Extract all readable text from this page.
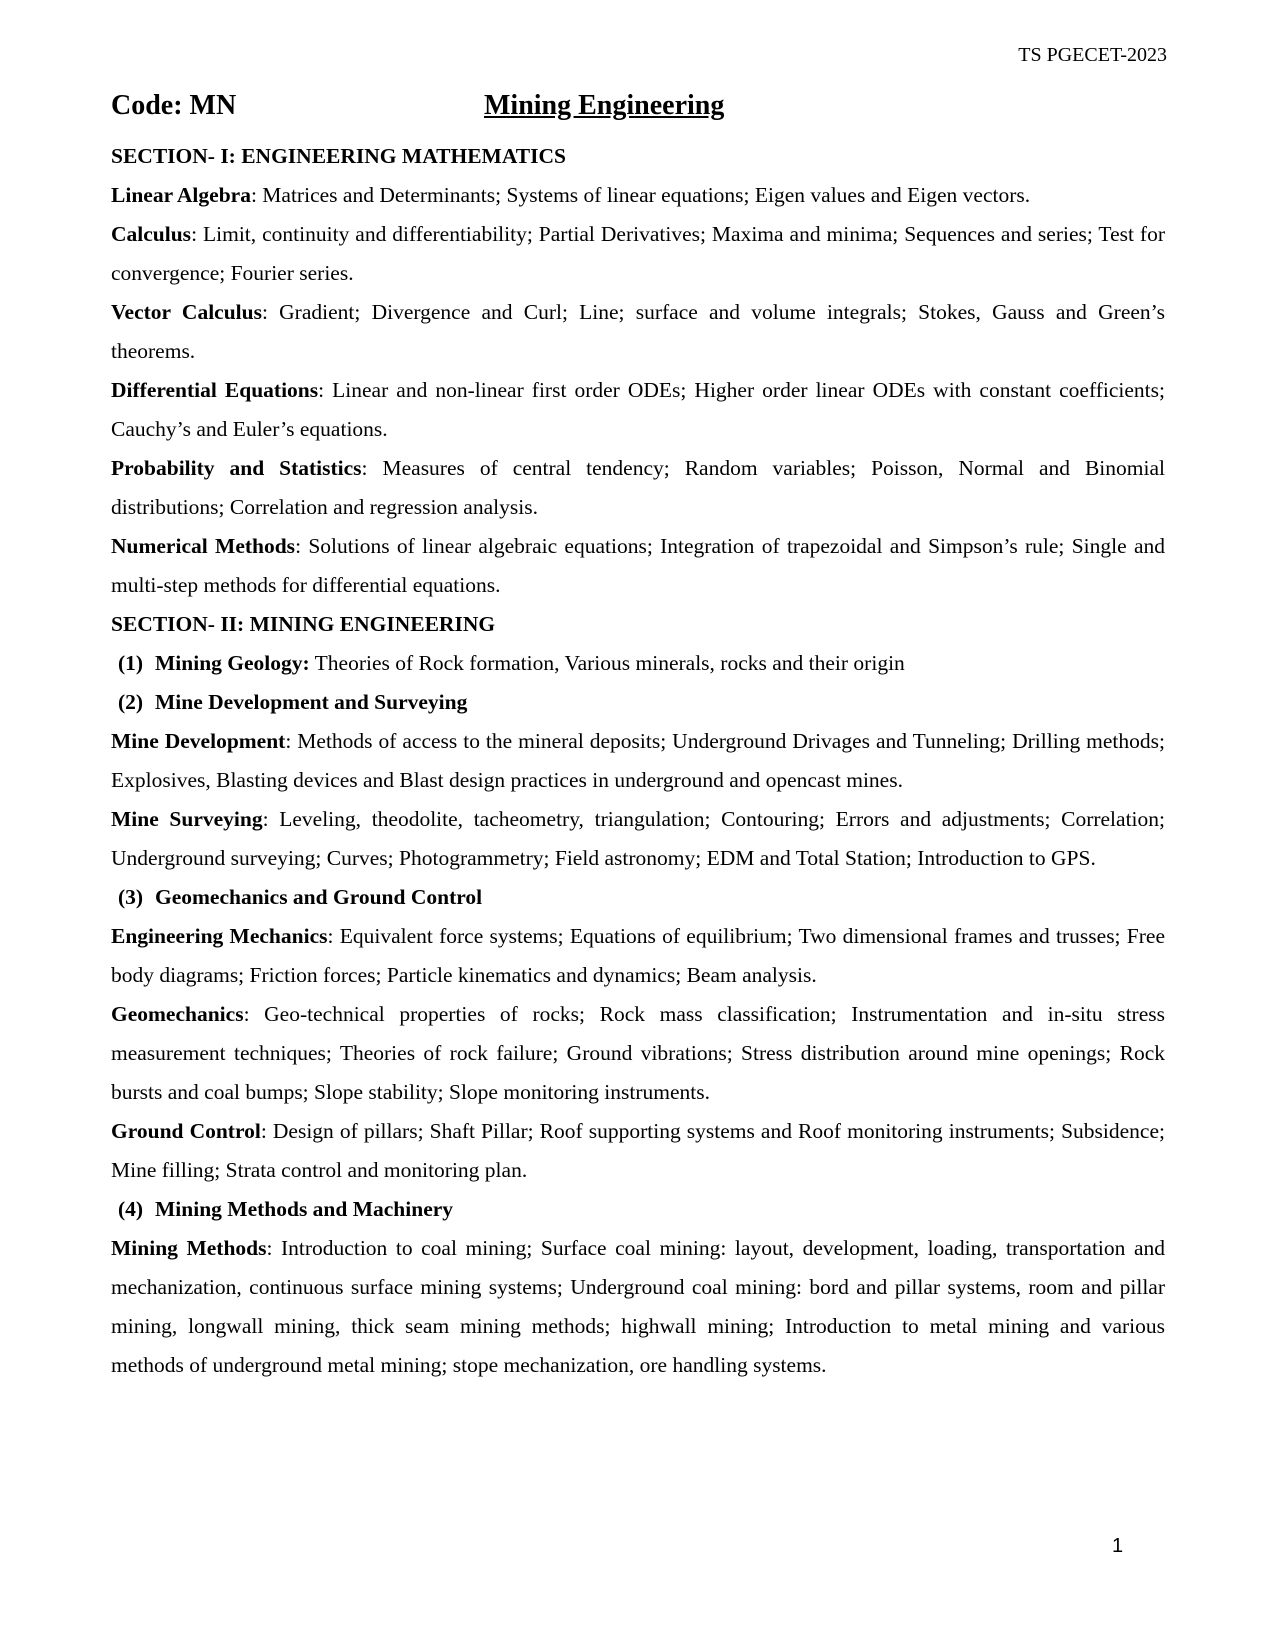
TS PGECET-2023
Code: MN	Mining Engineering

SECTION- I: ENGINEERING MATHEMATICS

Linear Algebra: Matrices and Determinants; Systems of linear equations; Eigen values and Eigen vectors.

Calculus: Limit, continuity and differentiability; Partial Derivatives; Maxima and minima; Sequences and series; Test for convergence; Fourier series.

Vector Calculus: Gradient; Divergence and Curl; Line; surface and volume integrals; Stokes, Gauss and Green’s theorems.

Differential Equations: Linear and non-linear first order ODEs; Higher order linear ODEs with constant coefficients; Cauchy’s and Euler’s equations.

Probability and Statistics: Measures of central tendency; Random variables; Poisson, Normal and Binomial distributions; Correlation and regression analysis.

Numerical Methods: Solutions of linear algebraic equations; Integration of trapezoidal and Simpson’s rule; Single and multi-step methods for differential equations.

SECTION- II: MINING ENGINEERING

(1) Mining Geology: Theories of Rock formation, Various minerals, rocks and their origin
(2) Mine Development and Surveying

Mine Development: Methods of access to the mineral deposits; Underground Drivages and Tunneling; Drilling methods; Explosives, Blasting devices and Blast design practices in underground and opencast mines.

Mine Surveying: Leveling, theodolite, tacheometry, triangulation; Contouring; Errors and adjustments; Correlation; Underground surveying; Curves; Photogrammetry; Field astronomy; EDM and Total Station; Introduction to GPS.

(3) Geomechanics and Ground Control

Engineering Mechanics: Equivalent force systems; Equations of equilibrium; Two dimensional frames and trusses; Free body diagrams; Friction forces; Particle kinematics and dynamics; Beam analysis.

Geomechanics: Geo-technical properties of rocks; Rock mass classification; Instrumentation and in-situ stress measurement techniques; Theories of rock failure; Ground vibrations; Stress distribution around mine openings; Rock bursts and coal bumps; Slope stability; Slope monitoring instruments.

Ground Control: Design of pillars; Shaft Pillar; Roof supporting systems and Roof monitoring instruments; Subsidence; Mine filling; Strata control and monitoring plan.

(4) Mining Methods and Machinery

Mining Methods: Introduction to coal mining; Surface coal mining: layout, development, loading, transportation and mechanization, continuous surface mining systems; Underground coal mining: bord and pillar systems, room and pillar mining, longwall mining, thick seam mining methods; highwall mining; Introduction to metal mining and various methods of underground metal mining; stope mechanization, ore handling systems.

1
